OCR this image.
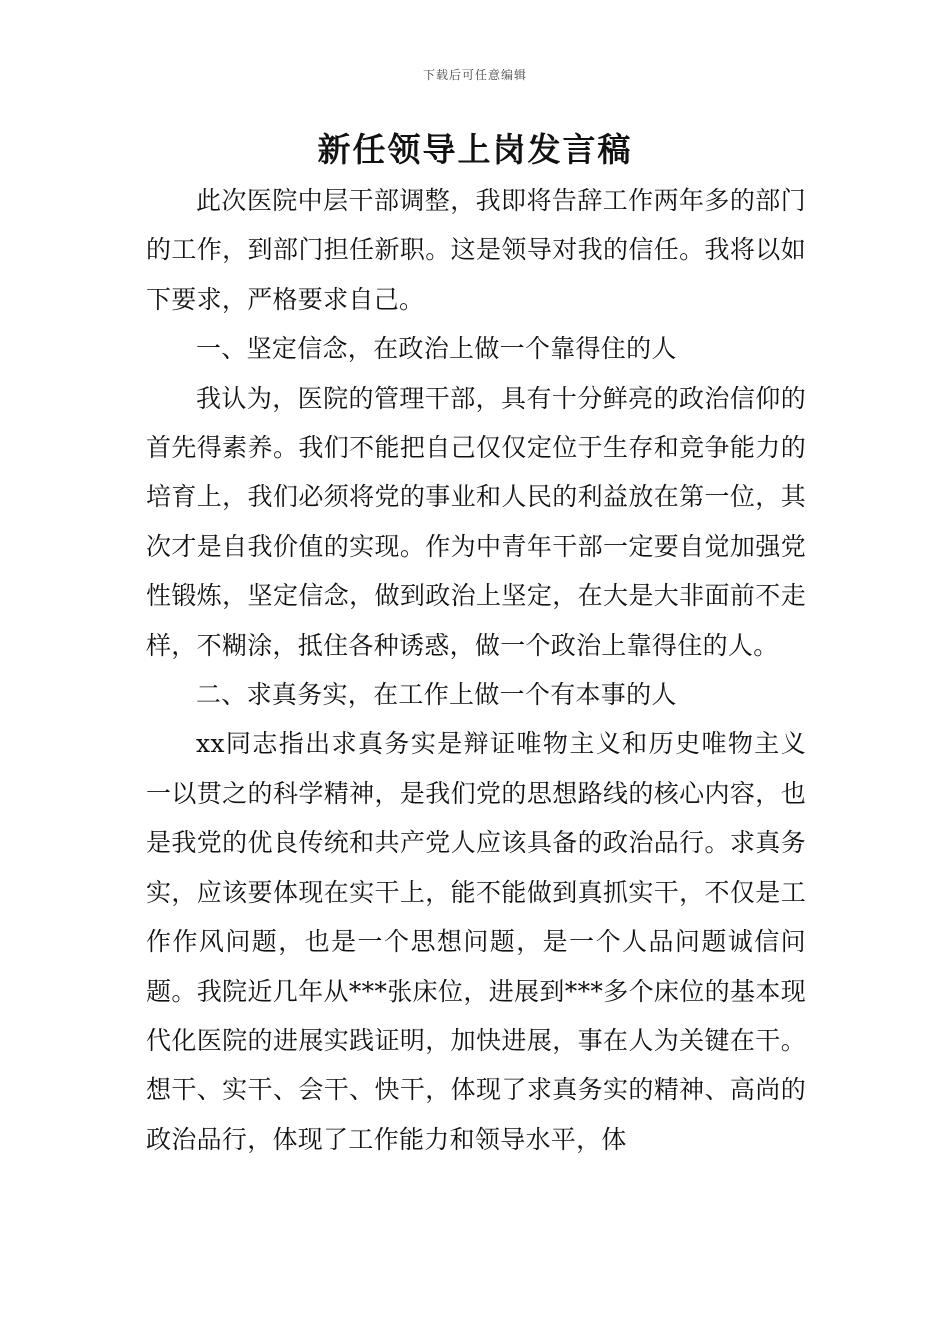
下载后可任意编辑
新任领导上岗发言稿

此次医院中层干部调整，我即将告辞工作两年多的部门的工作，到部门担任新职。这是领导对我的信任。我将以如下要求，严格要求自己。

一、坚定信念，在政治上做一个靠得住的人

我认为，医院的管理干部，具有十分鲜亮的政治信仰的首先得素养。我们不能把自己仅仅定位于生存和竞争能力的培育上，我们必须将党的事业和人民的利益放在第一位，其次才是自我价值的实现。作为中青年干部一定要自觉加强党性锻炼，坚定信念，做到政治上坚定，在大是大非面前不走样，不糊涂，抵住各种诱惑，做一个政治上靠得住的人。

二、求真务实，在工作上做一个有本事的人

xx同志指出求真务实是辩证唯物主义和历史唯物主义一以贯之的科学精神，是我们党的思想路线的核心内容，也是我党的优良传统和共产党人应该具备的政治品行。求真务实，应该要体现在实干上，能不能做到真抓实干，不仅是工作作风问题，也是一个思想问题，是一个人品问题诚信问题。我院近几年从***张床位，进展到***多个床位的基本现代化医院的进展实践证明，加快进展，事在人为关键在干。想干、实干、会干、快干，体现了求真务实的精神、高尚的政治品行，体现了工作能力和领导水平，体
